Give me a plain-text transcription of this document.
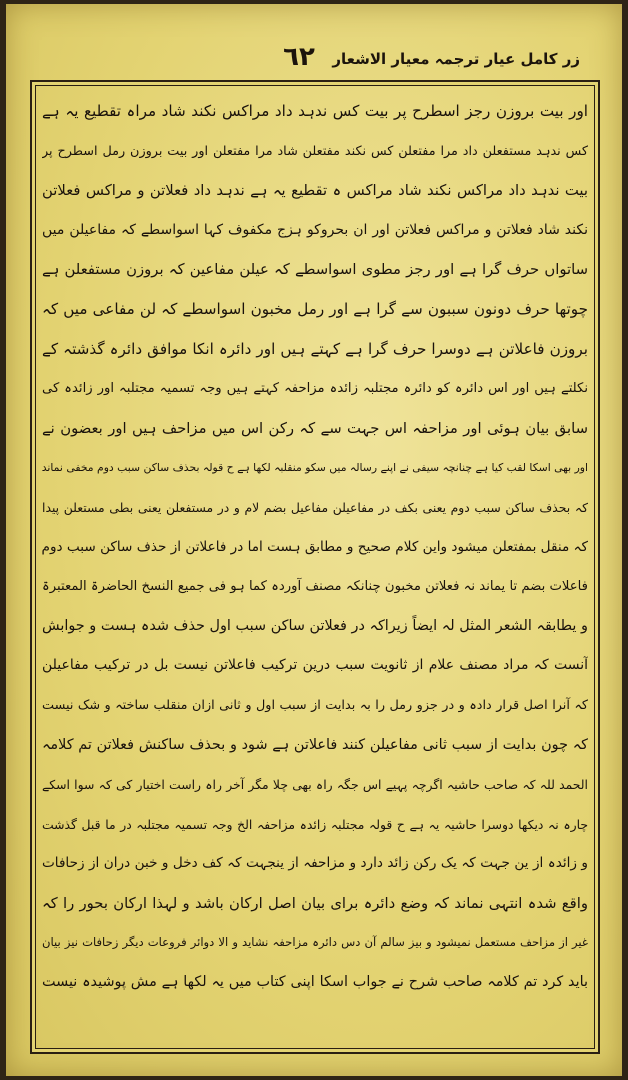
زر کامل عیار ترجمہ معیار الاشعار
٦٢
اور بیت بروزن رجز اسطرح پر بیت کس ندہد داد مراکس نکند شاد مراہ تقطیع یہ ہے
کس ندہد مستفعلن داد مرا مفتعلن کس نکند مفتعلن شاد مرا مفتعلن اور بیت بروزن رمل اسطرح پر
بیت ندہد داد مراکس نکند شاد مراکس ہ تقطیع یہ ہے ندہد داد فعلاتن و مراکس فعلاتن
نکند شاد فعلاتن و مراکس فعلاتن اور ان بحروکو ہزج مکفوف کہا اسواسطے کہ مفاعیلن میں
ساتواں حرف گرا ہے اور رجز مطوی اسواسطے کہ عیلن مفاعین کہ بروزن مستفعلن ہے
چوتھا حرف دونون سببون سے گرا ہے اور رمل مخبون اسواسطے کہ لن مفاعی میں کہ
بروزن فاعلاتن ہے دوسرا حرف گرا ہے کہتے ہیں اور دائرہ انکا موافق دائرہ گذشتہ کے
نکلتے ہیں اور اس دائرہ کو دائرہ مجتلبہ زائدہ مزاحفہ کہتے ہیں وجہ تسمیہ مجتلبہ اور زائدہ کی
سابق بیان ہوئی اور مزاحفہ اس جہت سے کہ رکن اس میں مزاحف ہیں اور بعضون نے
اور بھی اسکا لقب کیا ہے چنانچہ سیفی نے اپنے رسالہ میں سکو منقلبہ لکھا ہے ح قولہ بحذف ساکن سبب دوم مخفی نماند
کہ بحذف ساکن سبب دوم یعنی بکف در مفاعیلن مفاعیل بضم لام و در مستفعلن یعنی بطی مستعلن پیدا
کہ منقل بمفتعلن میشود واین کلام صحیح و مطابق ہست اما در فاعلاتن از حذف ساکن سبب دوم
فاعلات بضم تا یماند نہ فعلاتن مخبون چنانکہ مصنف آوردہ کما ہو فی جمیع النسخ الحاضرۃ المعتبرۃ
و یطابقہ الشعر المثل لہ ایضاً زیراکہ در فعلاتن ساکن سبب اول حذف شدہ ہست و جوابش
آنست کہ مراد مصنف علام از ثانویت سبب درین ترکیب فاعلاتن نیست بل در ترکیب مفاعیلن
کہ آنرا اصل قرار دادہ و در جزو رمل را بہ بدایت از سبب اول و ثانی ازان منقلب ساختہ و شک نیست
کہ چون بدایت از سبب ثانی مفاعیلن کنند فاعلاتن ہے شود و بحذف ساکنش فعلاتن تم کلامہ
الحمد للہ کہ صاحب حاشیہ اگرچہ پہیے اس جگہ راہ بھی چلا مگر آخر راہ راست اختیار کی کہ سوا اسکے
چارہ نہ دیکھا دوسرا حاشیہ یہ ہے ح قولہ مجتلبہ زائدہ مزاحفہ الخ وجہ تسمیہ مجتلبہ در ما قبل گذشت
و زائدہ از ین جہت کہ یک رکن زائد دارد و مزاحفہ از ینجہت کہ کف دخل و خبن دران از زحافات
واقع شدہ انتہی نماند کہ وضع دائرہ برای بیان اصل ارکان باشد و لہذا ارکان بحور را کہ
غیر از مزاحف مستعمل نمیشود و بیز سالم آن دس دائرہ مزاحفہ نشاید و الا دوائر فروعات دیگر زحافات نیز بیان
باید کرد تم کلامہ صاحب شرح نے جواب اسکا اپنی کتاب میں یہ لکھا ہے مش پوشیدہ نیست
